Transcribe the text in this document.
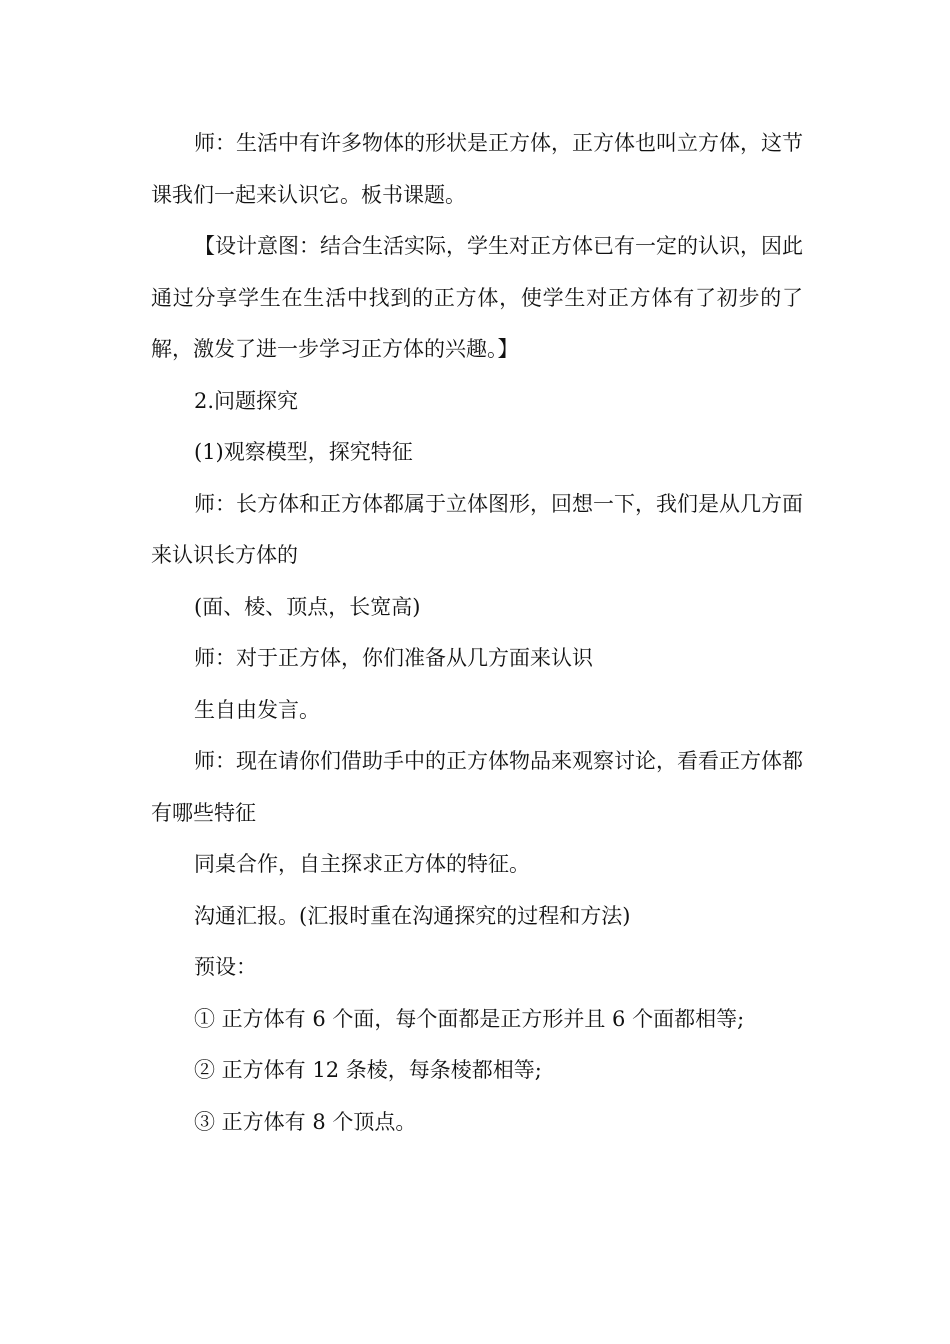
师：生活中有许多物体的形状是正方体，正方体也叫立方体，这节课我们一起来认识它。板书课题。

【设计意图：结合生活实际，学生对正方体已有一定的认识，因此通过分享学生在生活中找到的正方体，使学生对正方体有了初步的了解，激发了进一步学习正方体的兴趣。】

2.问题探究

(1)观察模型，探究特征

师：长方体和正方体都属于立体图形，回想一下，我们是从几方面来认识长方体的

(面、棱、顶点，长宽高)

师：对于正方体，你们准备从几方面来认识

生自由发言。

师：现在请你们借助手中的正方体物品来观察讨论，看看正方体都有哪些特征

同桌合作，自主探求正方体的特征。

沟通汇报。(汇报时重在沟通探究的过程和方法)

预设：

① 正方体有 6 个面，每个面都是正方形并且 6 个面都相等;

② 正方体有 12 条棱，每条棱都相等;

③ 正方体有 8 个顶点。
